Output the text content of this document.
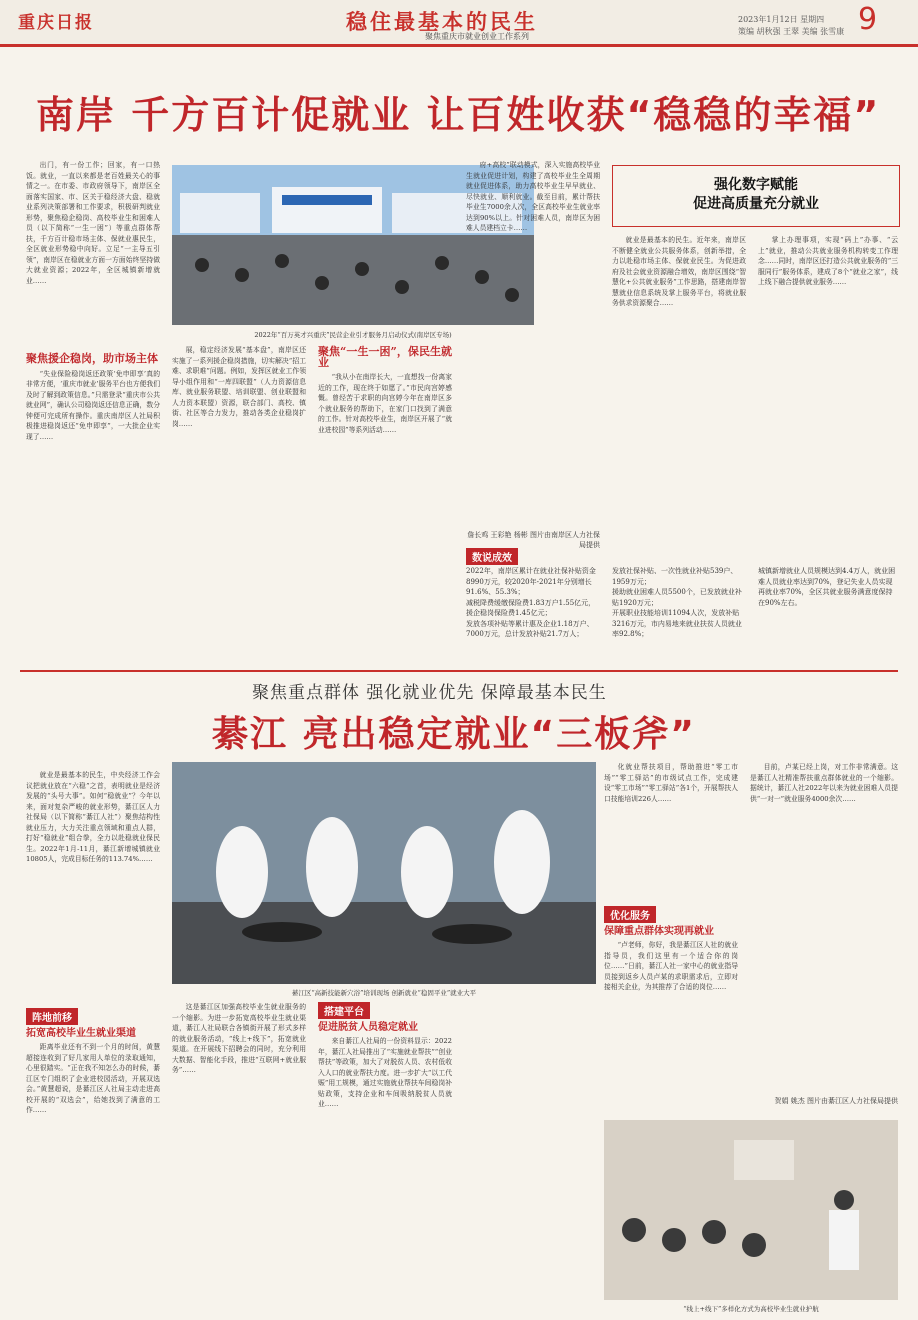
重庆日报	稳住最基本的民生
聚焦重庆市就业创业工作系列
2023年1月12日 星期四
策编 胡秋强 王翠 美编 张雪康 9
南岸 千方百计促就业 让百姓收获“稳稳的幸福”

出门，有一份工作；回家，有一口热饭。就业，一直以来都是老百姓最关心的事情之一。在市委、市政府领导下，南岸区全面落实国家、市、区关于稳经济大盘、稳就业系列决策部署和工作要求，积极研判就业形势，聚焦稳企稳岗、高校毕业生和困难人员（以下简称“一生一困”）等重点群体帮扶，千方百计稳市场主体、保就业惠民生，全区就业形势稳中向好。立足“一主导五引领”，南岸区在稳就业方面一方面始终坚持做大就业资源；2022年，全区城镇新增就业……

2022年“百万英才兴重庆”民营企业引才服务月启动仪式(南岸区专场)
聚焦援企稳岗，助市场主体

“失业保险稳岗返还政策‘免申即享’真的非常方便，‘重庆市就业’服务平台也方便我们及时了解到政策信息。”只需登录“重庆市公共就业网”，确认公司稳岗返还信息正确，数分钟便可完成所有操作。重庆南岸区人社局积极推进稳岗返还“免申即享”，一大批企业实现了……

展，稳定经济发展“基本盘”，南岸区还实施了一系列援企稳岗措施，切实解决“招工难、求职难”问题。例如，发挥区就业工作领导小组作用和“一库四联盟”（人力资源信息库、就业服务联盟、培训联盟、创业联盟和人力资本联盟）资源，联合部门、高校、镇街、社区等合力发力，推动各类企业稳岗扩岗……

聚焦“一生一困”，保民生就业

“我从小在南岸长大，一直想找一份离家近的工作，现在终于如愿了。”市民向宫婷感慨。曾经苦于求职的向宫婷今年在南岸区多个就业服务的帮助下，在家门口找到了满意的工作。针对高校毕业生，南岸区开展了“就业进校园”等系列活动……

府+高校”联动模式，深入实施高校毕业生就业促进计划，构建了高校毕业生全周期就业促进体系，助力高校毕业生早早就业、尽快就业、顺利就业。截至目前，累计帮扶毕业生7000余人次，全区高校毕业生就业率达到90%以上。针对困难人员，南岸区为困难人员建档立卡……

詹长鸡 王彩艳 杨彬 图片由南岸区人力社保局提供
强化数字赋能
促进高质量充分就业

就业是最基本的民生。近年来，南岸区不断健全就业公共服务体系，创新举措，全力以赴稳市场主体、保就业民生。为促进政府及社会就业资源融合增效，南岸区围绕“智慧化+公共就业服务”工作思路，搭建南岸智慧就业信息系统及掌上服务平台，将就业服务供求资源聚合……

掌上办理事项，实现“码上”办事、“云上”就业，推动公共就业服务机构转变工作理念……同时，南岸区还打造公共就业服务的“三服同行”服务体系，建成了8个“就业之家”，线上线下融合提供就业服务……

数说成效
2022年，南岸区累计在就业社保补贴资金8990万元，较2020年-2021年分别增长91.6%、55.3%；
减税降费缓缴保险费1.83万户1.55亿元，援企稳岗保险费1.45亿元；
发放各项补贴等累计惠及企业1.18万户、7000万元，总计发放补贴21.7万人；
发放社保补贴、一次性就业补贴539户、1959万元；
援助就业困难人员5500个，已发放就业补贴1920万元；
开展职业技能培训11094人次，发放补贴3216万元，市内易地来就业扶贫人员就业率92.8%；
城镇新增就业人员规模达到4.4万人，就业困难人员就业率达到70%，登记失业人员实现再就业率70%，全区共就业服务满意度保持在90%左右。
聚焦重点群体 强化就业优先 保障最基本民生
綦江 亮出稳定就业“三板斧”

就业是最基本的民生，中央经济工作会议把就业放在“六稳”之首，表明就业是经济发展的“头号大事”。如何“稳就业”？今年以来，面对复杂严峻的就业形势，綦江区人力社保局（以下简称“綦江人社”）聚焦结构性就业压力，大力关注重点领域和重点人群，打好“稳就业”组合拳，全力以赴稳就业保民生。2022年1月-11月，綦江新增城镇就业10805人，完成目标任务的113.74%……

綦江区“高新技能新穴浴”培训现场 创新就业“稳固平业”就业大平
阵地前移
拓宽高校毕业生就业渠道

距离毕业还有不到一个月的时间，黄慧超接连收到了好几家用人单位的录取通知，心里很踏实。“正在我不知怎么办的时候，綦江区专门组织了企业进校园活动，开展双选会。”黄慧超说，是綦江区人社局主动走进高校开展的“双选会”，给她找到了满意的工作……

这是綦江区加强高校毕业生就业服务的一个缩影。为进一步拓宽高校毕业生就业渠道，綦江人社局联合各镇街开展了形式多样的就业服务活动，“线上+线下”，拓宽就业渠道。在开展线下招聘会的同时，充分利用大数据、智能化手段，推进“互联网+就业服务”……

搭建平台
促进脱贫人员稳定就业

来自綦江人社局的一份资料显示：2022年，綦江人社局推出了“实施就业帮扶”“创业帮扶”等政策，加大了对脱贫人员、农村低收入人口的就业帮扶力度。进一步扩大“以工代赈”用工规模，通过实施就业帮扶车间稳岗补贴政策，支持企业和车间吸纳脱贫人员就业……

化就业帮扶项目，帮助推进“零工市场”“零工驿站”的市级试点工作，完成建设“零工市场”“零工驿站”各1个，开展帮扶人口技能培训226人……

优化服务
保障重点群体实现再就业

“卢老师，你好，我是綦江区人社的就业指导员，我们这里有一个适合你的岗位……”日前，綦江人社一家中心的就业指导员接到返乡人员卢某的求职需求后，立即对接相关企业，为其推荐了合适的岗位……

目前，卢某已经上岗，对工作非常满意。这是綦江人社精准帮扶重点群体就业的一个缩影。据统计，綦江人社2022年以来为就业困难人员提供“一对一”就业服务4000余次……

贺娟 姚杰 图片由綦江区人力社保局提供
“线上+线下”多样化方式为高校毕业生就业护航
